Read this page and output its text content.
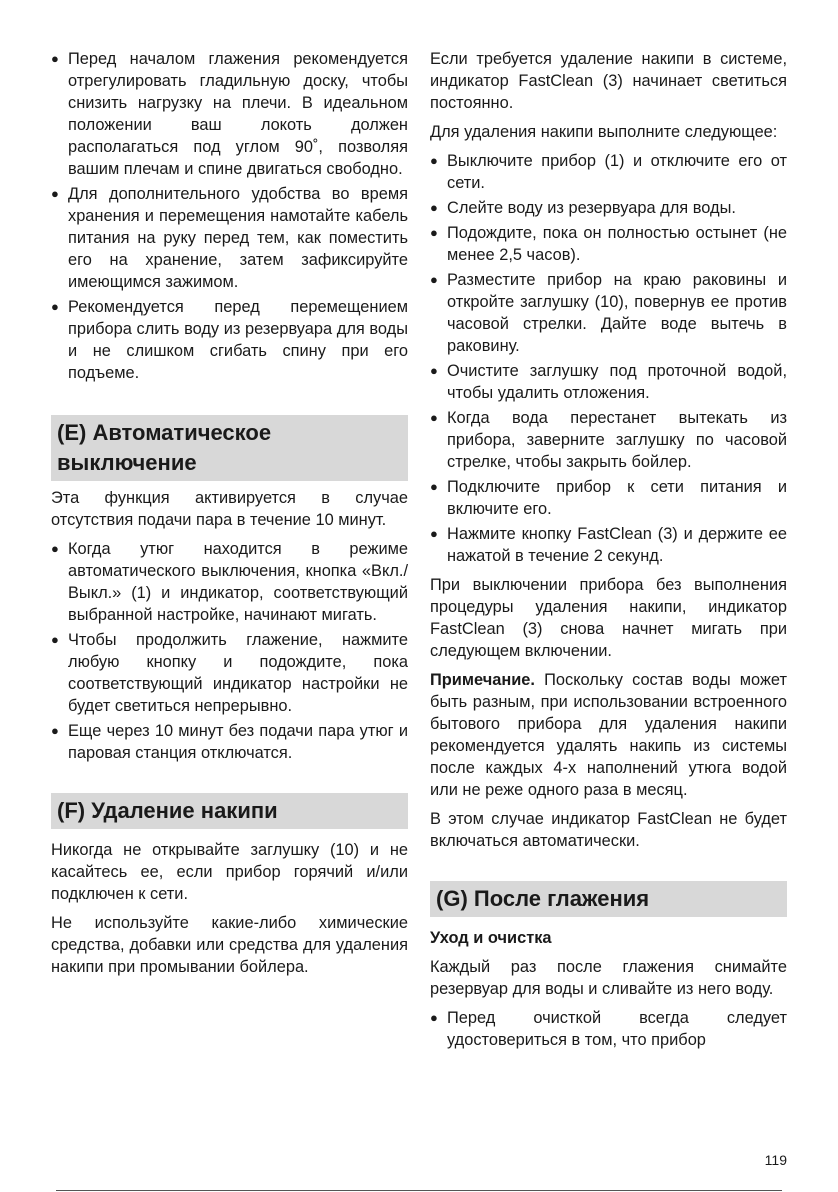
● Перед началом глажения рекомендуется отрегулировать гладильную доску, чтобы снизить нагрузку на плечи. В идеальном положении ваш локоть должен располагаться под углом 90˚, позволяя вашим плечам и спине двигаться свободно.
● Для дополнительного удобства во время хранения и перемещения намотайте кабель питания на руку перед тем, как поместить его на хранение, затем зафиксируйте имеющимся зажимом.
● Рекомендуется перед перемещением прибора слить воду из резервуара для воды и не слишком сгибать спину при его подъеме.
(E) Автоматическое выключение

Эта функция активируется в случае отсутствия подачи пара в течение 10 минут.

● Когда утюг находится в режиме автоматического выключения, кнопка «Вкл./Выкл.» (1) и индикатор, соответствующий выбранной настройке, начинают мигать.
● Чтобы продолжить глажение, нажмите любую кнопку и подождите, пока соответствующий индикатор настройки не будет светиться непрерывно.
● Еще через 10 минут без подачи пара утюг и паровая станция отключатся.
(F) Удаление накипи

Никогда не открывайте заглушку (10) и не касайтесь ее, если прибор горячий и/или подключен к сети.

Не используйте какие-либо химические средства, добавки или средства для удаления накипи при промывании бойлера.

Если требуется удаление накипи в системе, индикатор FastClean (3) начинает светиться постоянно.

Для удаления накипи выполните следующее:

● Выключите прибор (1) и отключите его от сети.
● Слейте воду из резервуара для воды.
● Подождите, пока он полностью остынет (не менее 2,5 часов).
● Разместите прибор на краю раковины и откройте заглушку (10), повернув ее против часовой стрелки. Дайте воде вытечь в раковину.
● Очистите заглушку под проточной водой, чтобы удалить отложения.
● Когда вода перестанет вытекать из прибора, заверните заглушку по часовой стрелке, чтобы закрыть бойлер.
● Подключите прибор к сети питания и включите его.
● Нажмите кнопку FastClean (3) и держите ее нажатой в течение 2 секунд.

При выключении прибора без выполнения процедуры удаления накипи, индикатор FastClean (3) снова начнет мигать при следующем включении.

Примечание. Поскольку состав воды может быть разным, при использовании встроенного бытового прибора для удаления накипи рекомендуется удалять накипь из системы после каждых 4-х наполнений утюга водой или не реже одного раза в месяц.

В этом случае индикатор FastClean не будет включаться автоматически.

(G) После глажения
Уход и очистка

Каждый раз после глажения снимайте резервуар для воды и сливайте из него воду.

● Перед очисткой всегда следует удостовериться в том, что прибор
119
